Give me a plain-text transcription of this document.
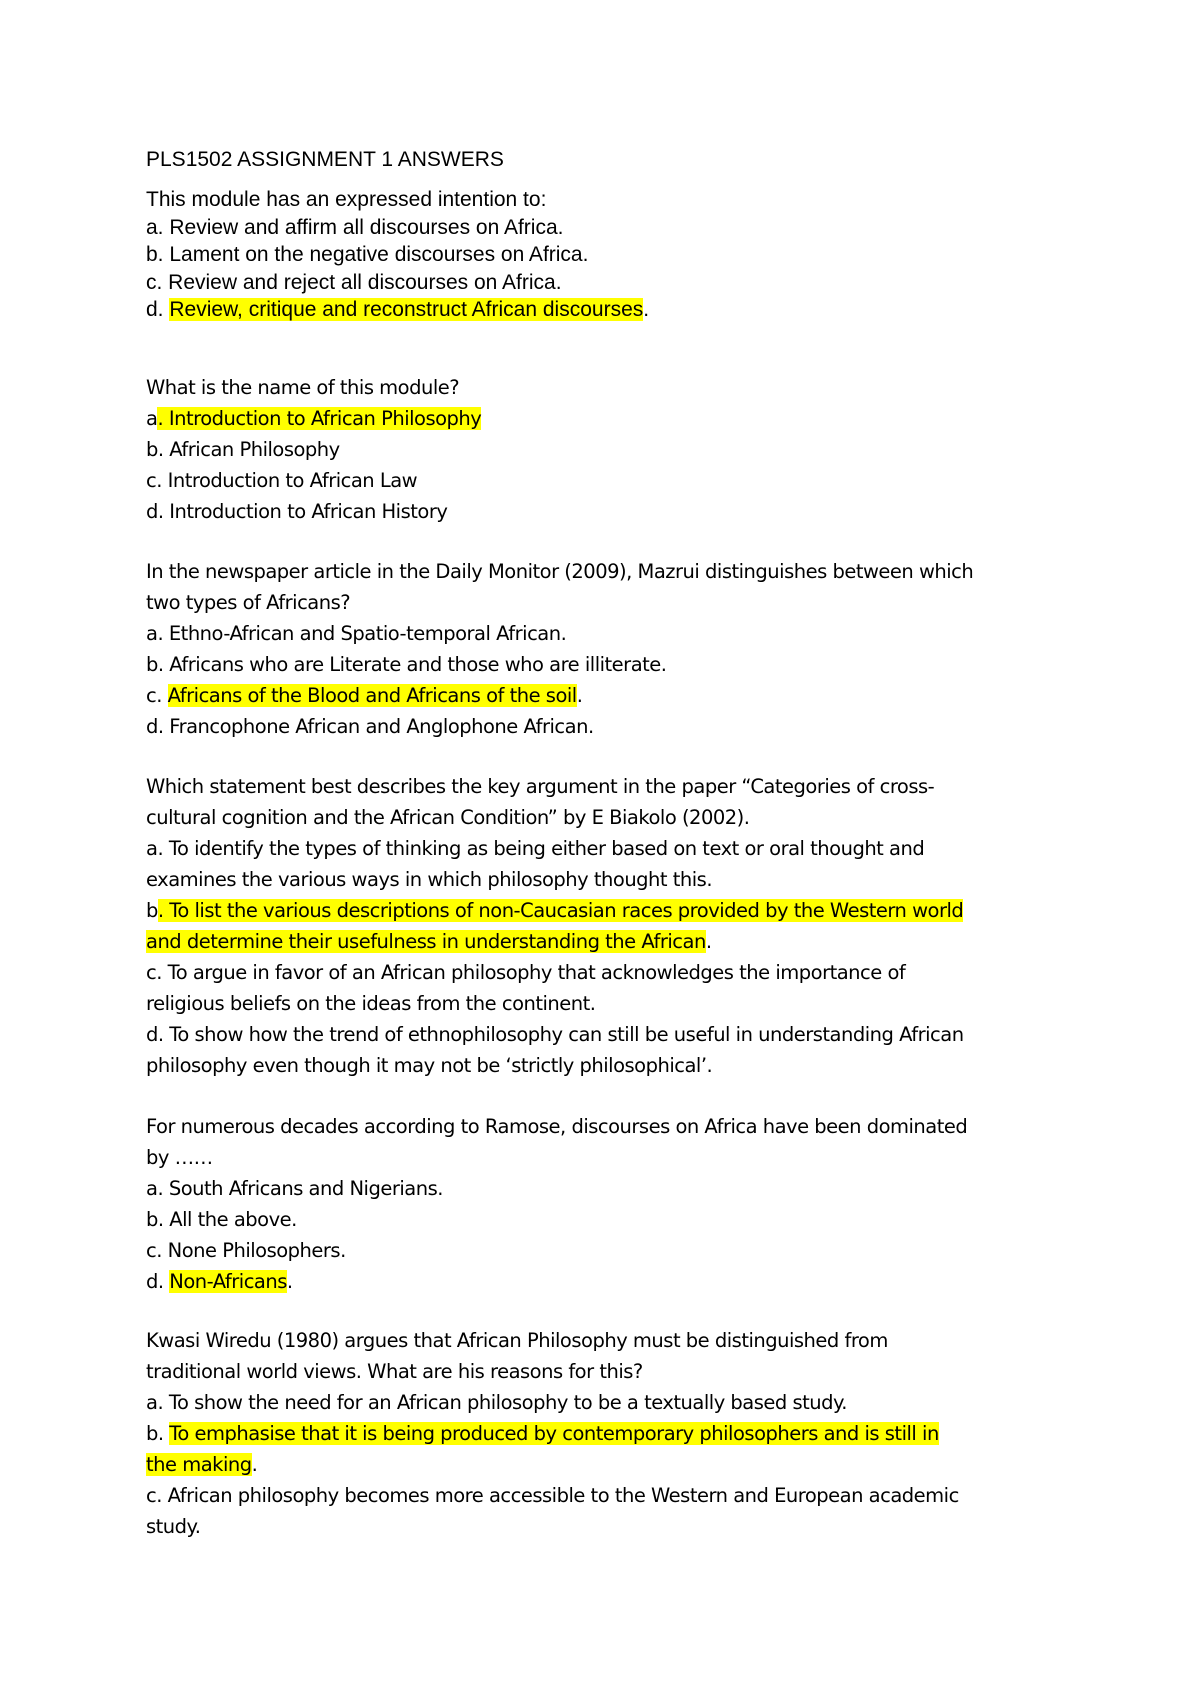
PLS1502 ASSIGNMENT 1 ANSWERS
This module has an expressed intention to:
a. Review and affirm all discourses on Africa.
b. Lament on the negative discourses on Africa.
c. Review and reject all discourses on Africa.
d. Review, critique and reconstruct African discourses.
What is the name of this module?
a. Introduction to African Philosophy
b. African Philosophy
c. Introduction to African Law
d. Introduction to African History
In the newspaper article in the Daily Monitor (2009), Mazrui distinguishes between which
two types of Africans?
a. Ethno-African and Spatio-temporal African.
b. Africans who are Literate and those who are illiterate.
c. Africans of the Blood and Africans of the soil.
d. Francophone African and Anglophone African.
Which statement best describes the key argument in the paper “Categories of cross-
cultural cognition and the African Condition” by E Biakolo (2002).
a. To identify the types of thinking as being either based on text or oral thought and
examines the various ways in which philosophy thought this.
b. To list the various descriptions of non-Caucasian races provided by the Western world
and determine their usefulness in understanding the African.
c. To argue in favor of an African philosophy that acknowledges the importance of
religious beliefs on the ideas from the continent.
d. To show how the trend of ethnophilosophy can still be useful in understanding African
philosophy even though it may not be ‘strictly philosophical’.
For numerous decades according to Ramose, discourses on Africa have been dominated
by ……
a. South Africans and Nigerians.
b. All the above.
c. None Philosophers.
d. Non-Africans.
Kwasi Wiredu (1980) argues that African Philosophy must be distinguished from
traditional world views. What are his reasons for this?
a. To show the need for an African philosophy to be a textually based study.
b. To emphasise that it is being produced by contemporary philosophers and is still in
the making.
c. African philosophy becomes more accessible to the Western and European academic
study.
